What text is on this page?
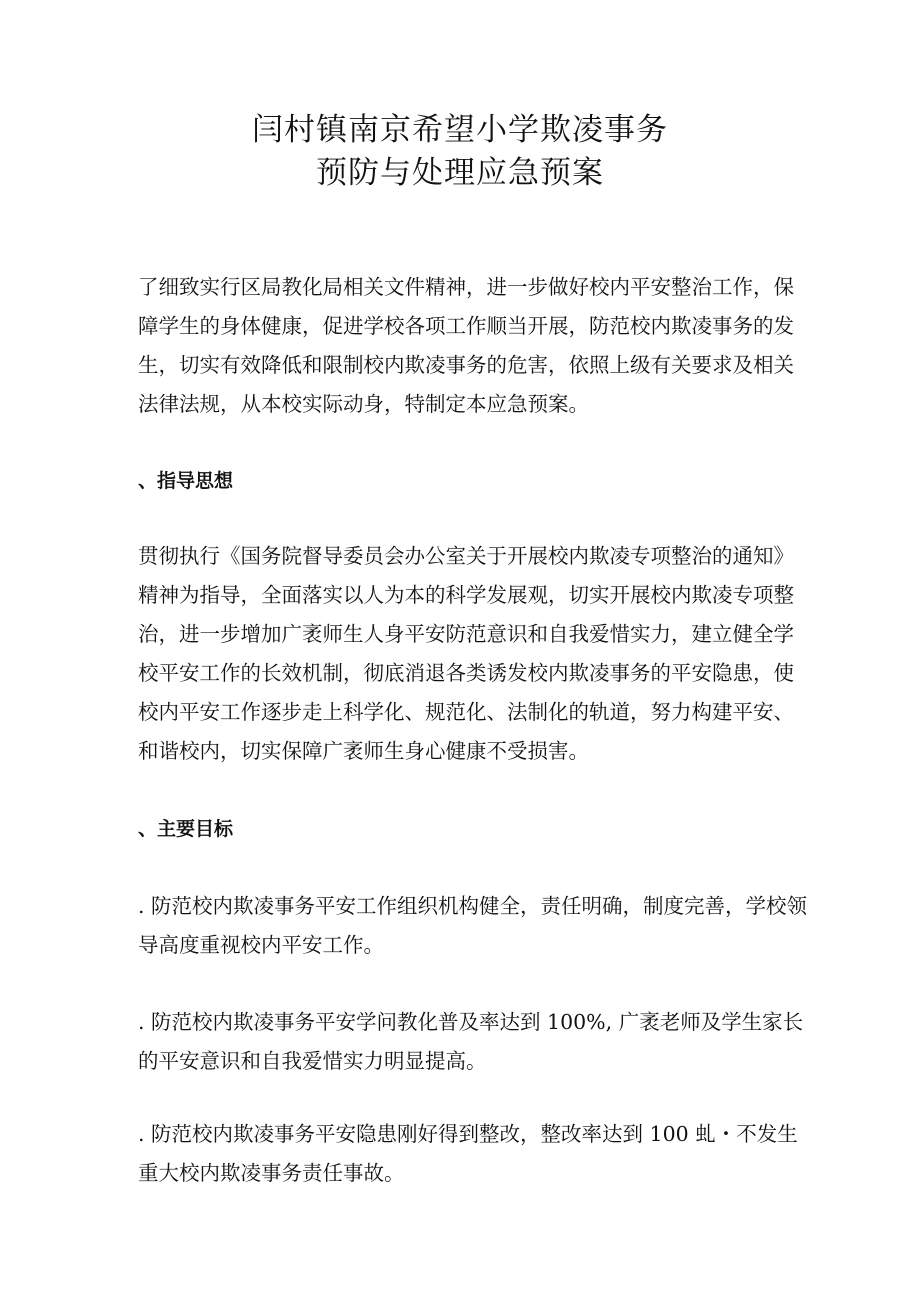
闫村镇南京希望小学欺凌事务
预防与处理应急预案

了细致实行区局教化局相关文件精神，进一步做好校内平安整治工作，保
障学生的身体健康，促进学校各项工作顺当开展，防范校内欺凌事务的发
生，切实有效降低和限制校内欺凌事务的危害，依照上级有关要求及相关
法律法规，从本校实际动身，特制定本应急预案。

、指导思想

贯彻执行《国务院督导委员会办公室关于开展校内欺凌专项整治的通知》
精神为指导，全面落实以人为本的科学发展观，切实开展校内欺凌专项整
治，进一步增加广袤师生人身平安防范意识和自我爱惜实力，建立健全学
校平安工作的长效机制，彻底消退各类诱发校内欺凌事务的平安隐患，使
校内平安工作逐步走上科学化、规范化、法制化的轨道，努力构建平安、
和谐校内，切实保障广袤师生身心健康不受损害。

、主要目标

. 防范校内欺凌事务平安工作组织机构健全，责任明确，制度完善，学校领
导高度重视校内平安工作。

. 防范校内欺凌事务平安学问教化普及率达到 100%, 广袤老师及学生家长
的平安意识和自我爱惜实力明显提高。

. 防范校内欺凌事务平安隐患刚好得到整改，整改率达到 100 虬・不发生
重大校内欺凌事务责任事故。
